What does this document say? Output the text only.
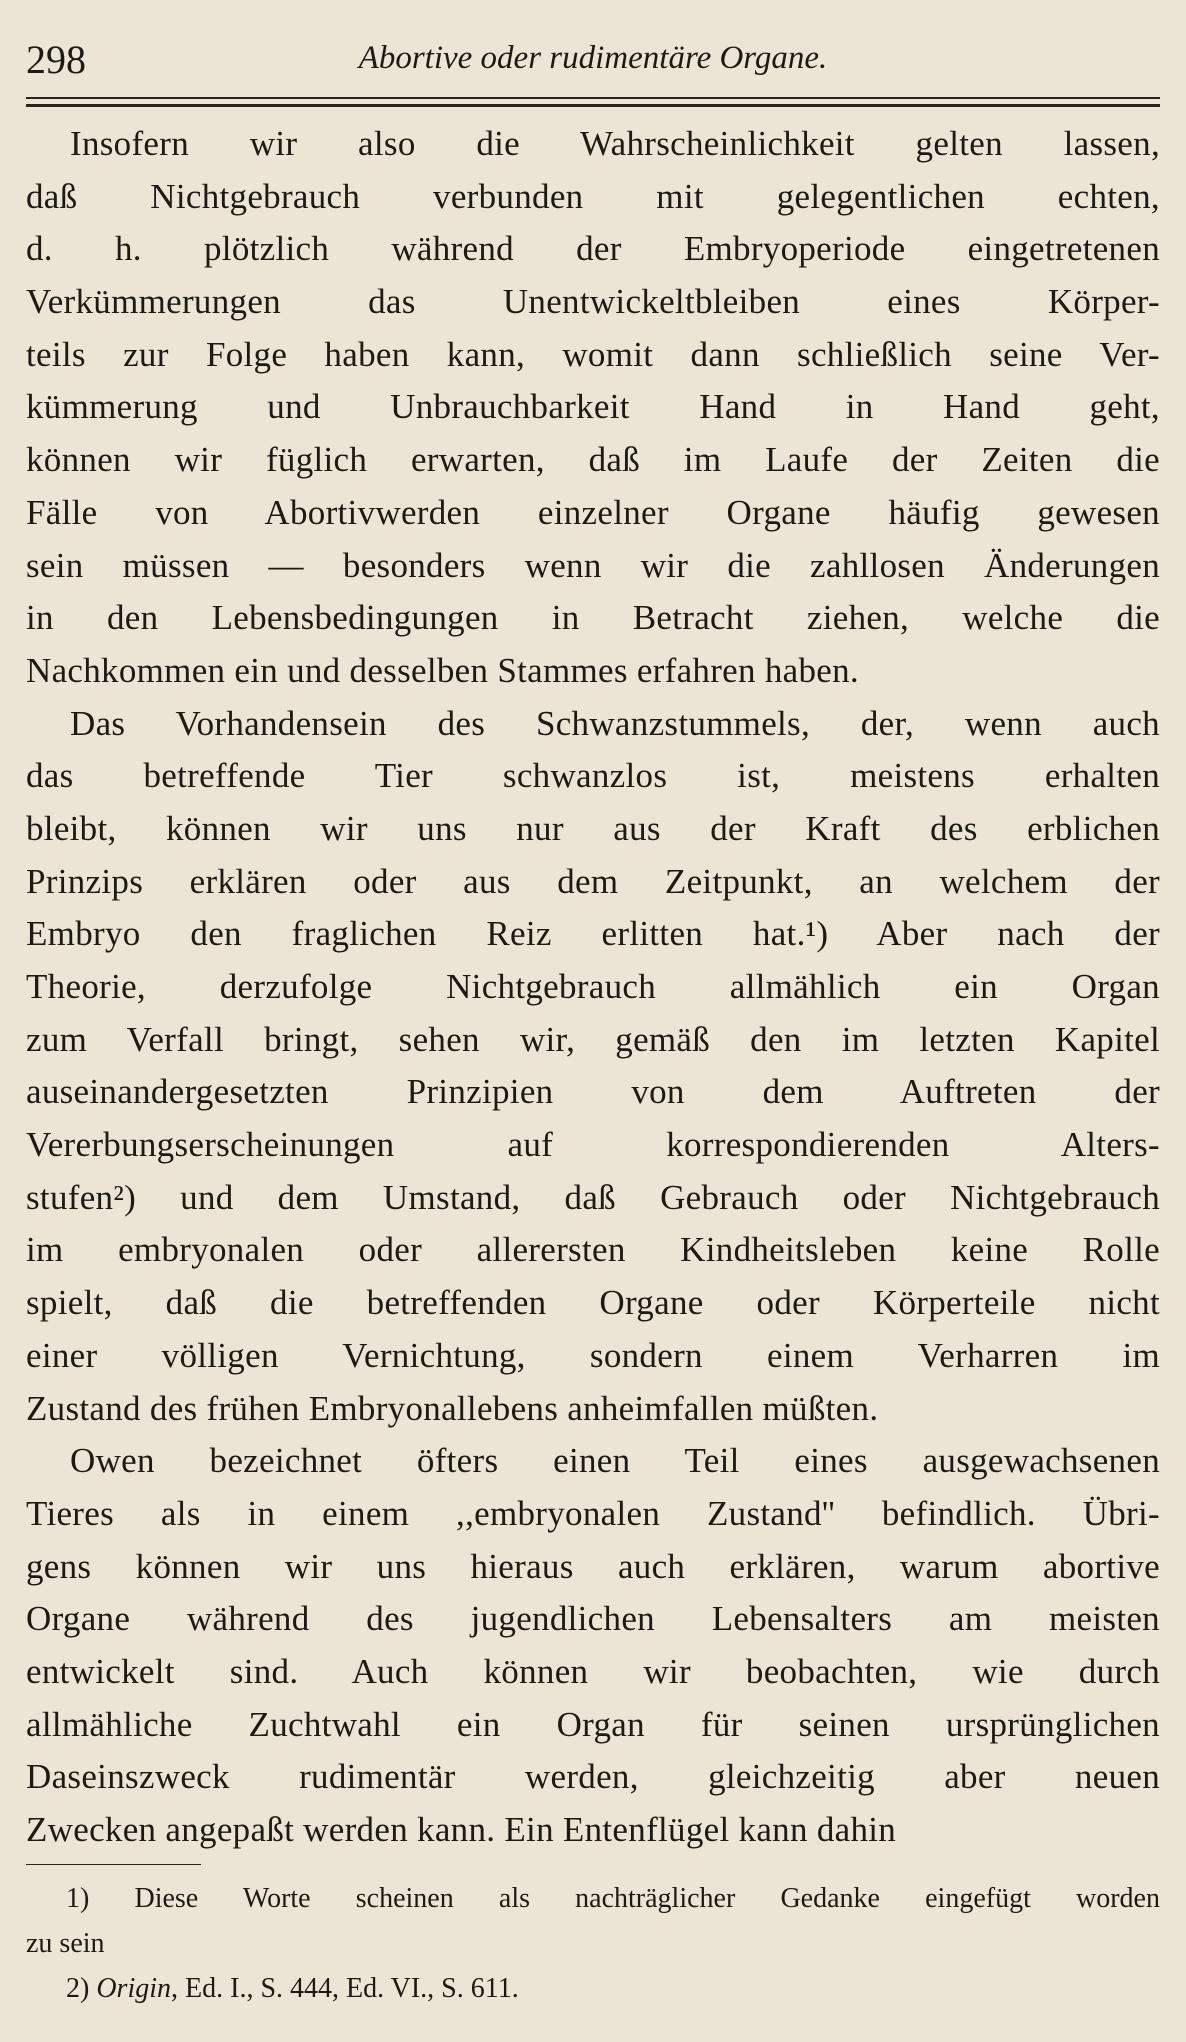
298	Abortive oder rudimentäre Organe.
Insofern wir also die Wahrscheinlichkeit gelten lassen,
daß Nichtgebrauch verbunden mit gelegentlichen echten,
d. h. plötzlich während der Embryoperiode eingetretenen
Verkümmerungen das Unentwickeltbleiben eines Körper-
teils zur Folge haben kann, womit dann schließlich seine Ver-
kümmerung und Unbrauchbarkeit Hand in Hand geht,
können wir füglich erwarten, daß im Laufe der Zeiten die
Fälle von Abortivwerden einzelner Organe häufig gewesen
sein müssen — besonders wenn wir die zahllosen Änderungen
in den Lebensbedingungen in Betracht ziehen, welche die
Nachkommen ein und desselben Stammes erfahren haben.
Das Vorhandensein des Schwanzstummels, der, wenn auch
das betreffende Tier schwanzlos ist, meistens erhalten
bleibt, können wir uns nur aus der Kraft des erblichen
Prinzips erklären oder aus dem Zeitpunkt, an welchem der
Embryo den fraglichen Reiz erlitten hat.¹) Aber nach der
Theorie, derzufolge Nichtgebrauch allmählich ein Organ
zum Verfall bringt, sehen wir, gemäß den im letzten Kapitel
auseinandergesetzten Prinzipien von dem Auftreten der
Vererbungserscheinungen auf korrespondierenden Alters-
stufen²) und dem Umstand, daß Gebrauch oder Nichtgebrauch
im embryonalen oder allerersten Kindheitsleben keine Rolle
spielt, daß die betreffenden Organe oder Körperteile nicht
einer völligen Vernichtung, sondern einem Verharren im
Zustand des frühen Embryonallebens anheimfallen müßten.
Owen bezeichnet öfters einen Teil eines ausgewachsenen
Tieres als in einem ,,embryonalen Zustand'' befindlich. Übri-
gens können wir uns hieraus auch erklären, warum abortive
Organe während des jugendlichen Lebensalters am meisten
entwickelt sind. Auch können wir beobachten, wie durch
allmähliche Zuchtwahl ein Organ für seinen ursprünglichen
Daseinszweck rudimentär werden, gleichzeitig aber neuen
Zwecken angepaßt werden kann. Ein Entenflügel kann dahin
1) Diese Worte scheinen als nachträglicher Gedanke eingefügt worden
zu sein
2) Origin, Ed. I., S. 444, Ed. VI., S. 611.
